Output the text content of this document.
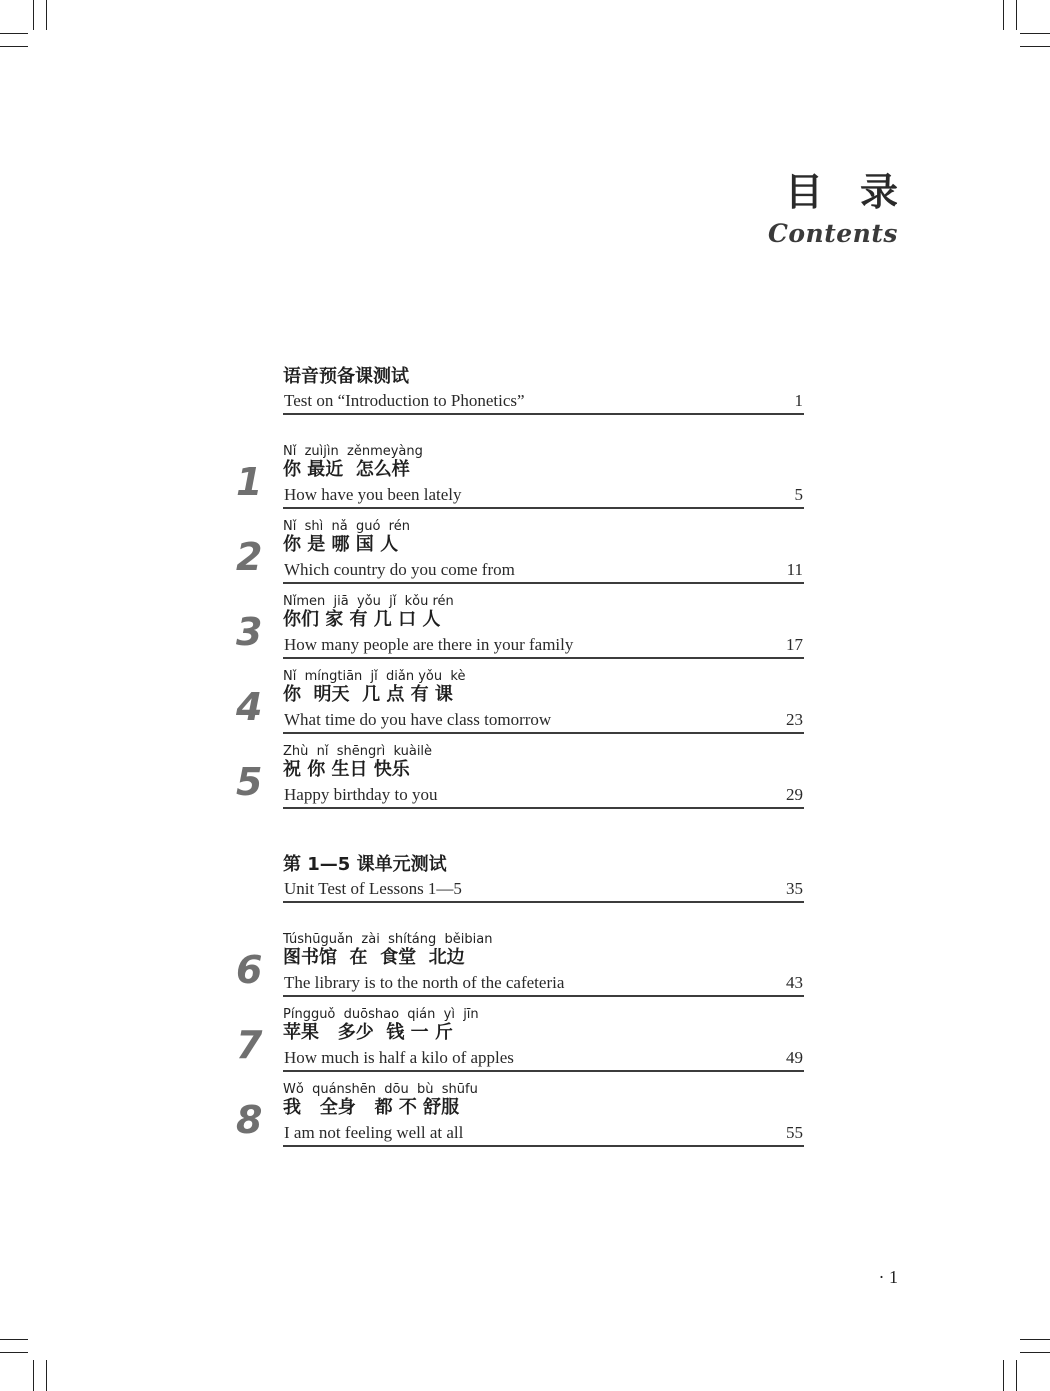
目 录
Contents
语音预备课测试
Test on “Introduction to Phonetics”	1
1
Nǐ  zuìjìn  zěnmeyàng
你 最近  怎么样
How have you been lately	5
2
Nǐ  shì  nǎ  guó  rén
你 是 哪 国 人
Which country do you come from	11
3
Nǐmen  jiā  yǒu  jǐ  kǒu rén
你们 家 有 几 口 人
How many people are there in your family	17
4
Nǐ  míngtiān  jǐ  diǎn yǒu  kè
你  明天  几 点 有 课
What time do you have class tomorrow	23
5
Zhù  nǐ  shēngrì  kuàilè
祝 你 生日 快乐
Happy birthday to you	29
第 1—5 课单元测试
Unit Test of Lessons 1—5	35
6
Túshūguǎn  zài  shítáng  běibian
图书馆  在  食堂  北边
The library is to the north of the cafeteria	43
7
Píngguǒ  duōshao  qián  yì  jīn
苹果   多少  钱 一 斤
How much is half a kilo of apples	49
8
Wǒ  quánshēn  dōu  bù  shūfu
我   全身   都 不 舒服
I am not feeling well at all	55
· 1
